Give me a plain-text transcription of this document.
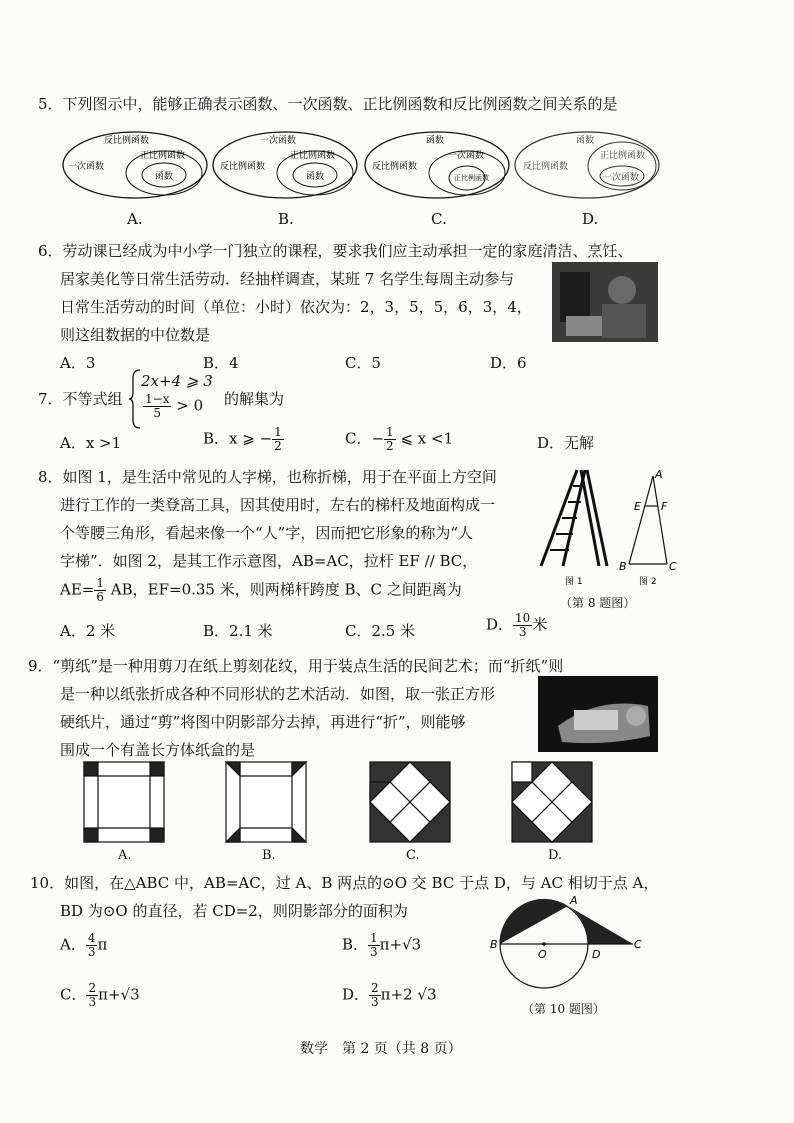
5．下列图示中，能够正确表示函数、一次函数、正比例函数和反比例函数之间关系的是
反比例函数
一次函数
正比例函数
函数
一次函数
反比例函数
正比例函数
函数
函数
反比例函数
一次函数
正比例函数
函数
反比例函数
正比例函数
一次函数
A.	B.	C.	D.
6．劳动课已经成为中小学一门独立的课程，要求我们应主动承担一定的家庭清洁、烹饪、
居家美化等日常生活劳动．经抽样调查，某班 7 名学生每周主动参与
日常生活劳动的时间（单位：小时）依次为：2，3，5，5，6，3，4，
则这组数据的中位数是
A．3	B．4	C．5	D．6
7．不等式组
2x+4 ⩾ 3
$\frac{1-x}{5} > 0$ 的解集为
A．x >1	B．x ⩾ − $\frac{1}{2}$	C．− $\frac{1}{2}$ ⩽ x <1	D．无解
8．如图 1，是生活中常见的人字梯，也称折梯，用于在平面上方空间
进行工作的一类登高工具，因其使用时，左右的梯杆及地面构成一
个等腰三角形，看起来像一个“人”字，因而把它形象的称为“人
字梯”．如图 2，是其工作示意图，AB=AC，拉杆 EF // BC，
$AE= \frac{1}{6}$ AB，EF=0.35 米，则两梯杆跨度 B、C 之间距离为
A
E F
B	C
图 1	图 2
（第 8 题图）
A．2 米	B．2.1 米	C．2.5 米	D． $\frac{10}{3}$ 米
9．“剪纸”是一种用剪刀在纸上剪刻花纹，用于装点生活的民间艺术；而“折纸”则
是一种以纸张折成各种不同形状的艺术活动．如图，取一张正方形
硬纸片，通过“剪”将图中阴影部分去掉，再进行“折”，则能够
围成一个有盖长方体纸盒的是
A.	B.	C.	D.
10．如图，在△ABC 中，AB=AC，过 A、B 两点的⊙O 交 BC 于点 D，与 AC 相切于点 A，
BD 为⊙O 的直径，若 CD=2，则阴影部分的面积为
A
B
O	D
C
（第 10 题图）
A． $\frac{4}{3}$ π	B． $\frac{1}{3} \pi+√3$
C． $\frac{2}{3} \pi+√3$	D． $\frac{2}{3} \pi+2$ √3
数学　第 2 页（共 8 页）
